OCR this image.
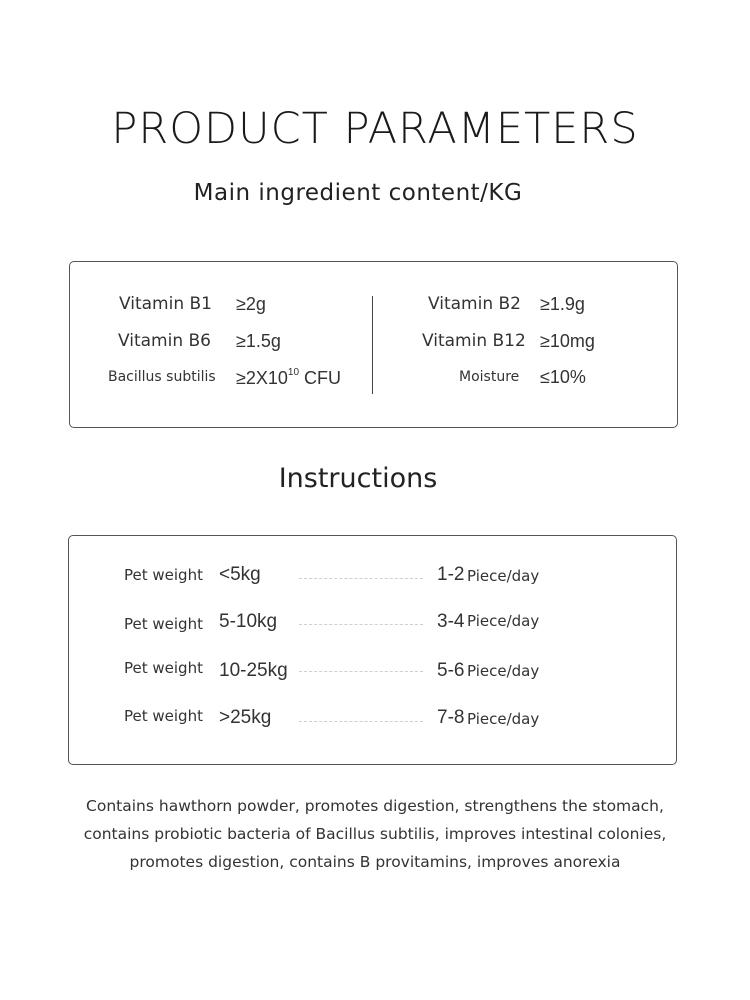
PRODUCT PARAMETERS
Main ingredient content/KG
Vitamin B1 ≥2g
Vitamin B6 ≥1.5g
Bacillus subtilis $\ge 2X10^{10}$ CFU
Vitamin B2 ≥1.9g
Vitamin B12 ≥10mg
Moisture ≤10%
Instructions
Pet weight <5kg	1-2 Piece/day
Pet weight 5-10kg	3-4 Piece/day
Pet weight 10-25kg	5-6 Piece/day
Pet weight >25kg	7-8 Piece/day
Contains hawthorn powder, promotes digestion, strengthens the stomach,
contains probiotic bacteria of Bacillus subtilis, improves intestinal colonies,
promotes digestion, contains B provitamins, improves anorexia
